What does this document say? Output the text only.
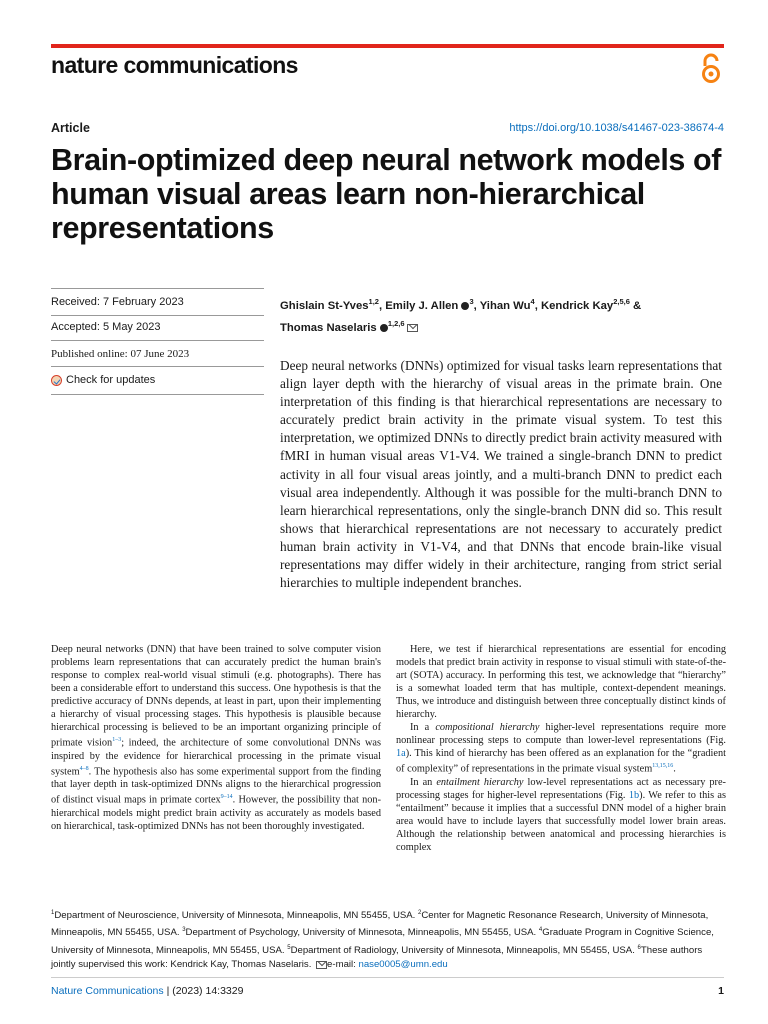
nature communications
Article	https://doi.org/10.1038/s41467-023-38674-4
Brain-optimized deep neural network models of human visual areas learn non-hierarchical representations
Received: 7 February 2023
Accepted: 5 May 2023
Published online: 07 June 2023
Check for updates
Ghislain St-Yves$^{1,2}$, Emily J. Allen $^3$, Yihan Wu$^4$, Kendrick Kay$^{2,5,6}$ &
Thomas Naselaris $^{1,2,6}$

Deep neural networks (DNNs) optimized for visual tasks learn representations that align layer depth with the hierarchy of visual areas in the primate brain. One interpretation of this finding is that hierarchical representations are necessary to accurately predict brain activity in the primate visual system. To test this interpretation, we optimized DNNs to directly predict brain activity measured with fMRI in human visual areas V1-V4. We trained a single-branch DNN to predict activity in all four visual areas jointly, and a multi-branch DNN to predict each visual area independently. Although it was possible for the multi-branch DNN to learn hierarchical representations, only the single-branch DNN did so. This result shows that hierarchical representations are not necessary to accurately predict human brain activity in V1-V4, and that DNNs that encode brain-like visual representations may differ widely in their architecture, ranging from strict serial hierarchies to multiple independent branches.

Deep neural networks (DNN) that have been trained to solve computer vision problems learn representations that can accurately predict the human brain's response to complex real-world visual stimuli (e.g. photographs). There has been a considerable effort to understand this success. One hypothesis is that the predictive accuracy of DNNs depends, at least in part, upon their implementing a hierarchy of visual processing stages. This hypothesis is plausible because hierarchical processing is believed to be an important organizing principle of primate vision$^{1-3}$; indeed, the architecture of some convolutional DNNs was inspired by the evidence for hierarchical processing in the primate visual system$^{4-8}$. The hypothesis also has some experimental support from the finding that layer depth in task-optimized DNNs aligns to the hierarchical progression of distinct visual maps in primate cortex$^{9-14}$. However, the possibility that non-hierarchical models might predict brain activity as accurately as models based on hierarchical, task-optimized DNNs has not been thoroughly investigated.

Here, we test if hierarchical representations are essential for encoding models that predict brain activity in response to visual stimuli with state-of-the-art (SOTA) accuracy. In performing this test, we acknowledge that “hierarchy” is a somewhat loaded term that has multiple, context-dependent meanings. Thus, we introduce and distinguish between three conceptually distinct kinds of hierarchy.

In a compositional hierarchy higher-level representations require more nonlinear processing steps to compute than lower-level representations (Fig. 1a). This kind of hierarchy has been offered as an explanation for the “gradient of complexity” of representations in the primate visual system$^{13,15,16}$.

In an entailment hierarchy low-level representations act as necessary pre-processing stages for higher-level representations (Fig. 1b). We refer to this as “entailment” because it implies that a successful DNN model of a higher brain area would have to include layers that successfully model lower brain areas. Although the relationship between anatomical and processing hierarchies is complex

$^1$Department of Neuroscience, University of Minnesota, Minneapolis, MN 55455, USA. $^2$Center for Magnetic Resonance Research, University of Minnesota, Minneapolis, MN 55455, USA. $^3$Department of Psychology, University of Minnesota, Minneapolis, MN 55455, USA. $^4$Graduate Program in Cognitive Science, University of Minnesota, Minneapolis, MN 55455, USA. $^5$Department of Radiology, University of Minnesota, Minneapolis, MN 55455, USA. $^6$These authors jointly supervised this work: Kendrick Kay, Thomas Naselaris. e-mail: nase0005@umn.edu
Nature Communications | (2023) 14:3329	1
